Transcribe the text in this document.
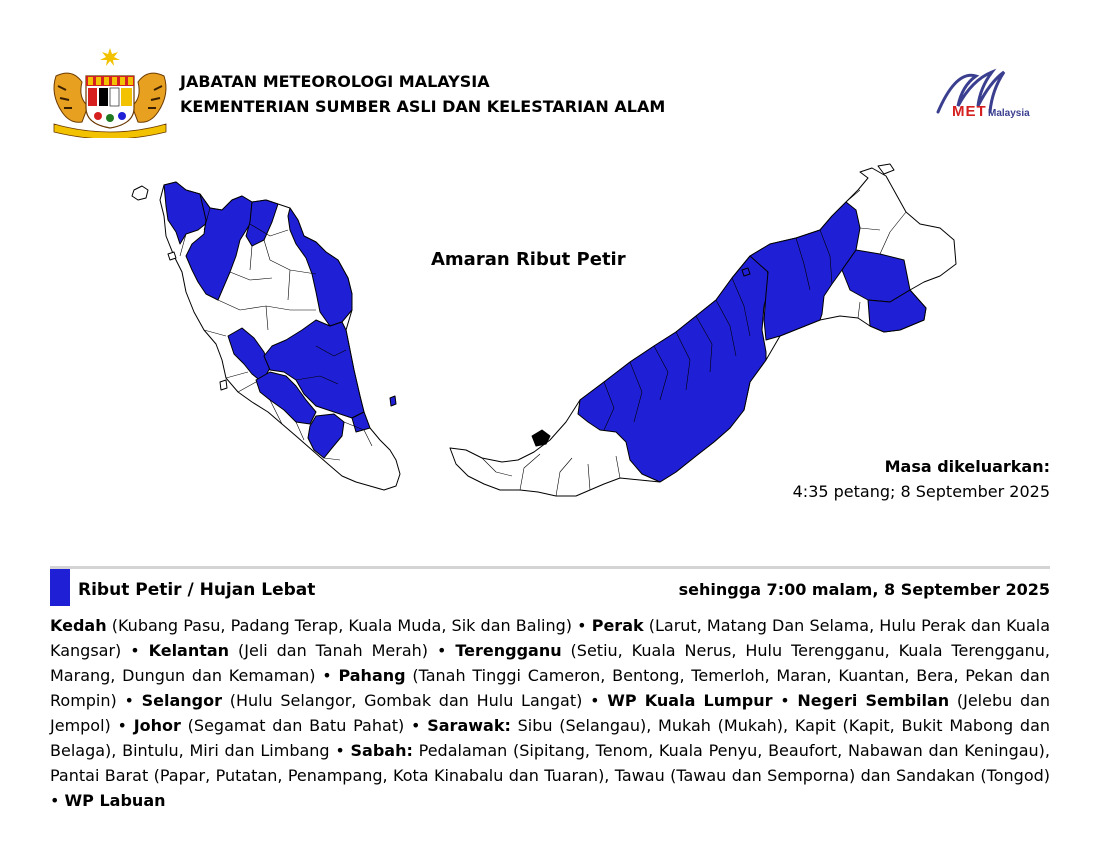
JABATAN METEOROLOGI MALAYSIA
KEMENTERIAN SUMBER ASLI DAN KELESTARIAN ALAM	MET Malaysia
Amaran Ribut Petir
Masa dikeluarkan:
4:35 petang; 8 September 2025
Ribut Petir / Hujan Lebat	sehingga 7:00 malam, 8 September 2025

Kedah (Kubang Pasu, Padang Terap, Kuala Muda, Sik dan Baling) • Perak (Larut, Matang Dan Selama, Hulu Perak dan Kuala Kangsar) • Kelantan (Jeli dan Tanah Merah) • Terengganu (Setiu, Kuala Nerus, Hulu Terengganu, Kuala Terengganu, Marang, Dungun dan Kemaman) • Pahang (Tanah Tinggi Cameron, Bentong, Temerloh, Maran, Kuantan, Bera, Pekan dan Rompin) • Selangor (Hulu Selangor, Gombak dan Hulu Langat) • WP Kuala Lumpur • Negeri Sembilan (Jelebu dan Jempol) • Johor (Segamat dan Batu Pahat) • Sarawak: Sibu (Selangau), Mukah (Mukah), Kapit (Kapit, Bukit Mabong dan Belaga), Bintulu, Miri dan Limbang • Sabah: Pedalaman (Sipitang, Tenom, Kuala Penyu, Beaufort, Nabawan dan Keningau), Pantai Barat (Papar, Putatan, Penampang, Kota Kinabalu dan Tuaran), Tawau (Tawau dan Semporna) dan Sandakan (Tongod) • WP Labuan
